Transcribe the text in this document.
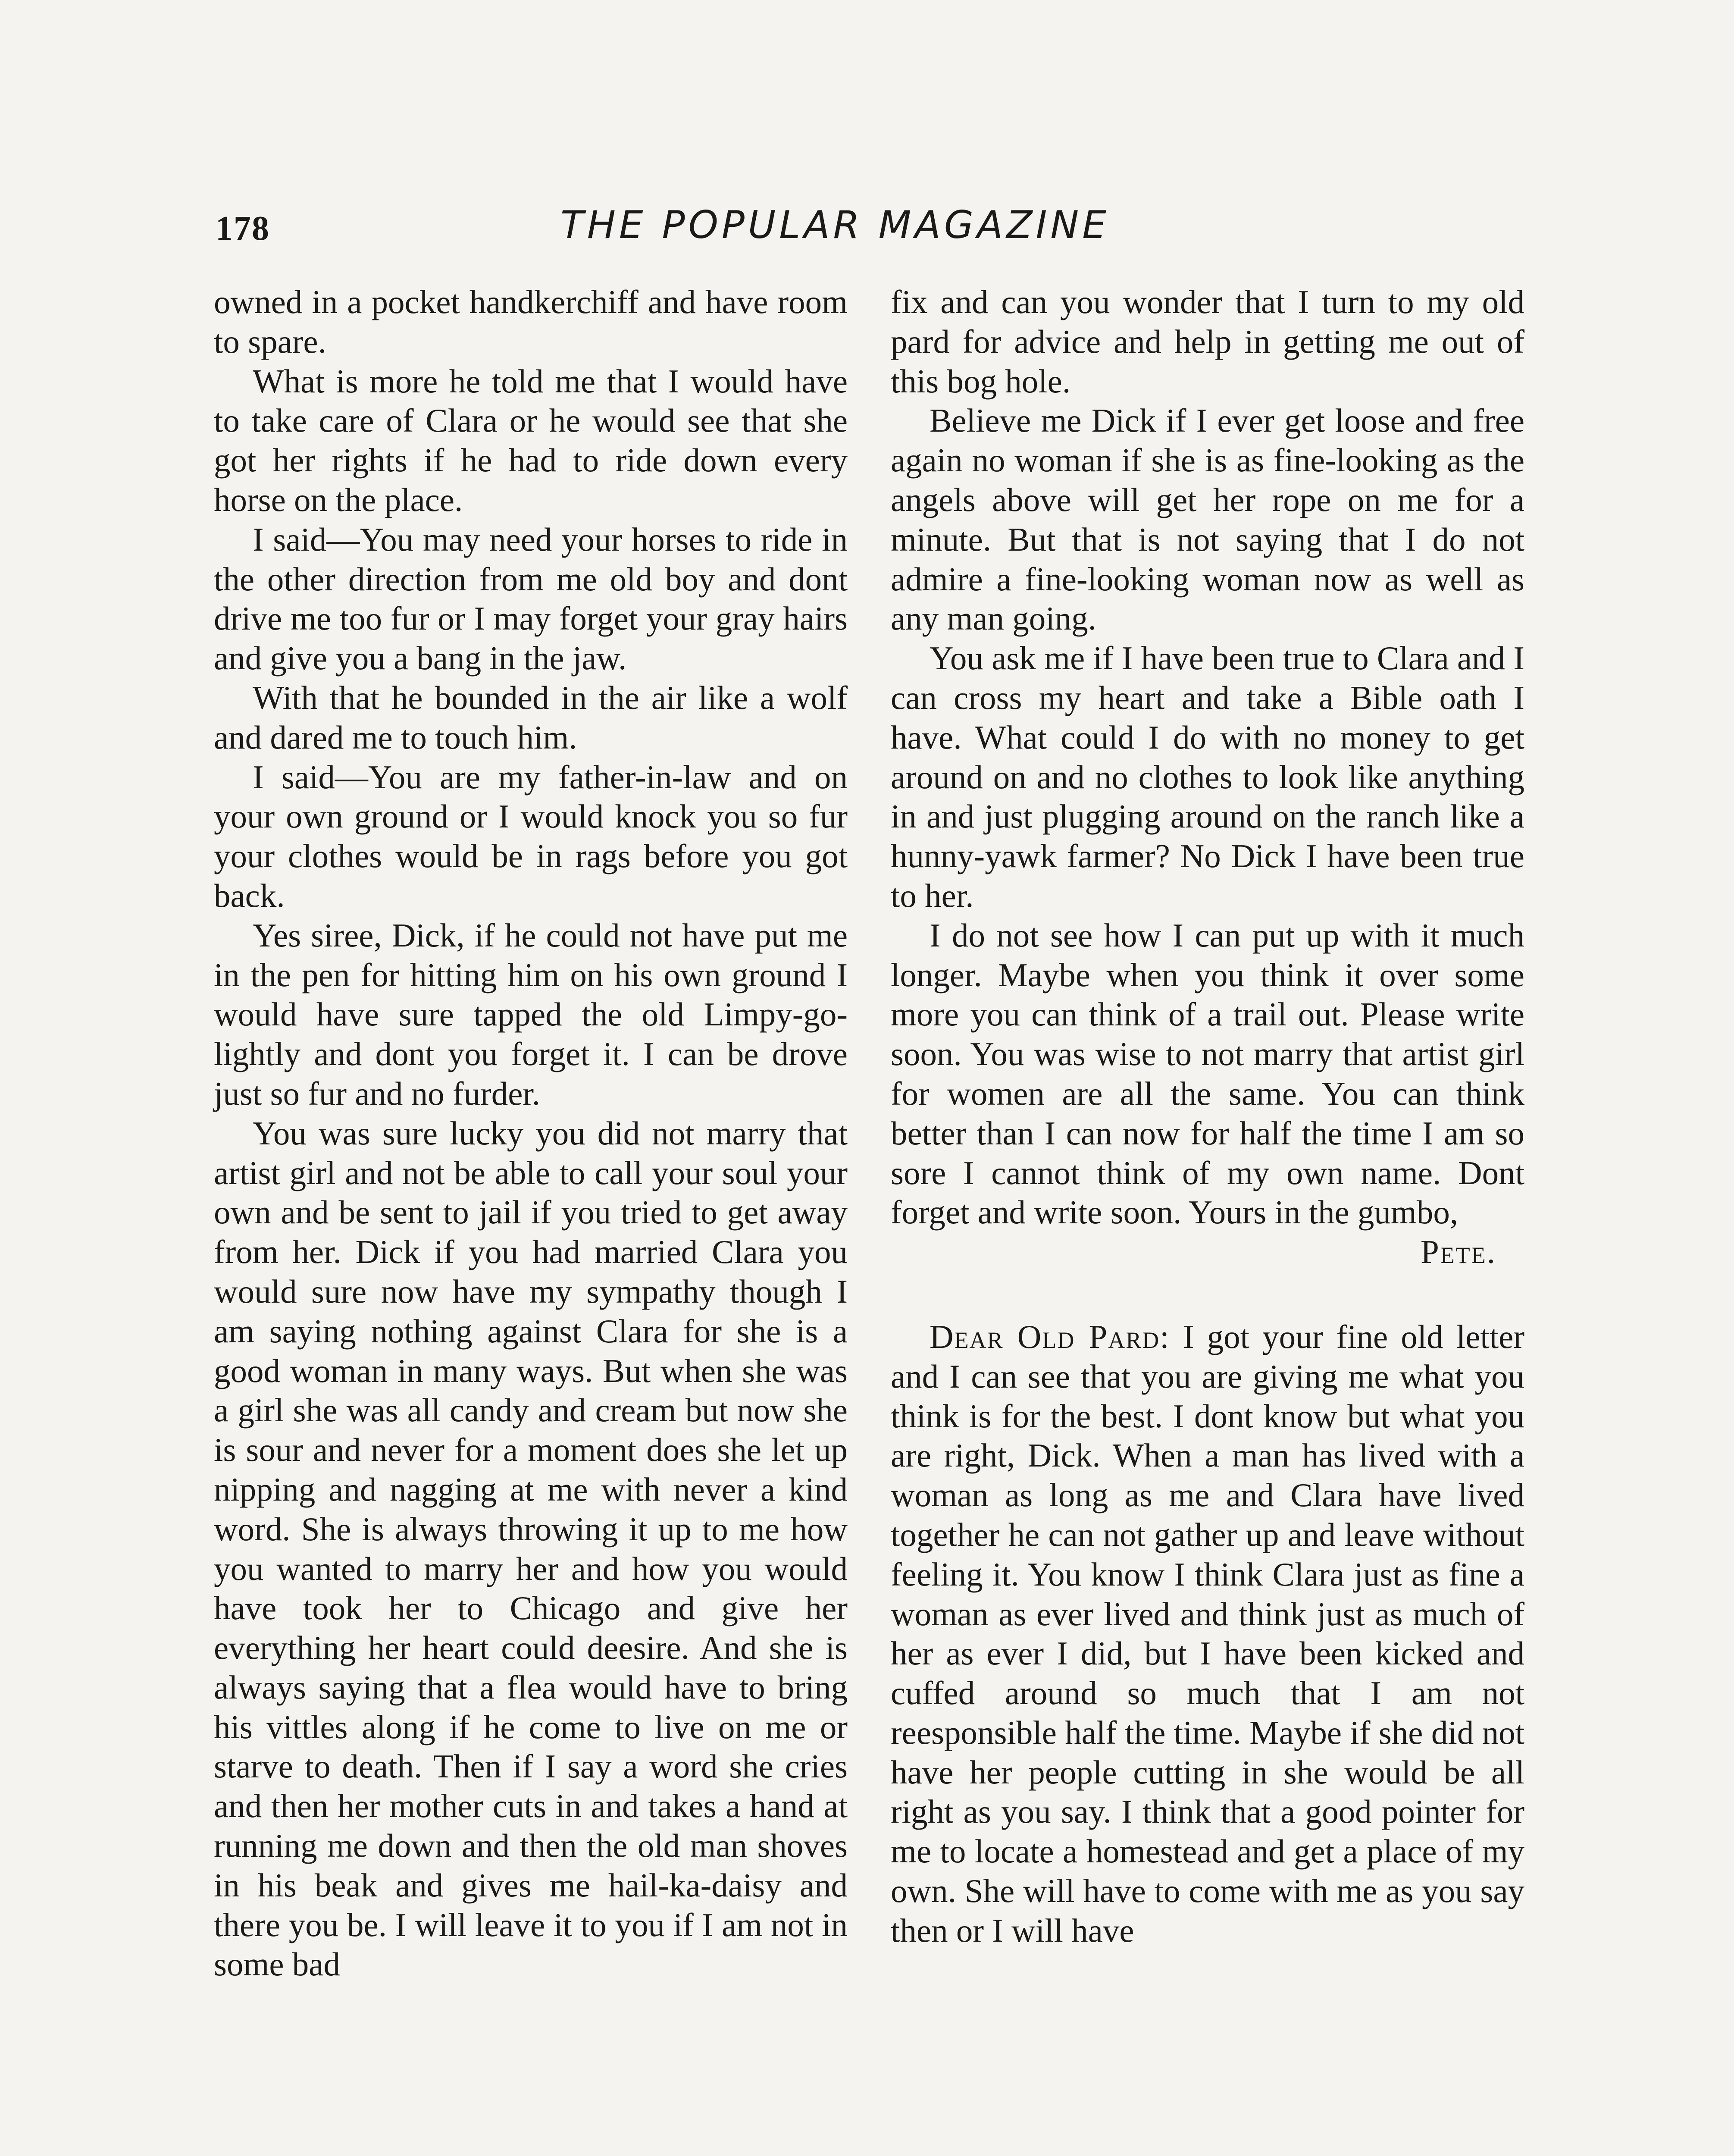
178	THE POPULAR MAGAZINE

owned in a pocket handkerchiff and have room to spare.

What is more he told me that I would have to take care of Clara or he would see that she got her rights if he had to ride down every horse on the place.

I said—You may need your horses to ride in the other direction from me old boy and dont drive me too fur or I may forget your gray hairs and give you a bang in the jaw.

With that he bounded in the air like a wolf and dared me to touch him.

I said—You are my father-in-law and on your own ground or I would knock you so fur your clothes would be in rags before you got back.

Yes siree, Dick, if he could not have put me in the pen for hitting him on his own ground I would have sure tapped the old Limpy-go-lightly and dont you forget it. I can be drove just so fur and no furder.

You was sure lucky you did not marry that artist girl and not be able to call your soul your own and be sent to jail if you tried to get away from her. Dick if you had married Clara you would sure now have my sympathy though I am saying nothing against Clara for she is a good woman in many ways. But when she was a girl she was all candy and cream but now she is sour and never for a moment does she let up nipping and nagging at me with never a kind word. She is always throwing it up to me how you wanted to marry her and how you would have took her to Chicago and give her everything her heart could deesire. And she is always saying that a flea would have to bring his vittles along if he come to live on me or starve to death. Then if I say a word she cries and then her mother cuts in and takes a hand at running me down and then the old man shoves in his beak and gives me hail-ka-daisy and there you be. I will leave it to you if I am not in some bad

fix and can you wonder that I turn to my old pard for advice and help in getting me out of this bog hole.

Believe me Dick if I ever get loose and free again no woman if she is as fine-looking as the angels above will get her rope on me for a minute. But that is not saying that I do not admire a fine-looking woman now as well as any man going.

You ask me if I have been true to Clara and I can cross my heart and take a Bible oath I have. What could I do with no money to get around on and no clothes to look like anything in and just plugging around on the ranch like a hunny-yawk farmer? No Dick I have been true to her.

I do not see how I can put up with it much longer. Maybe when you think it over some more you can think of a trail out. Please write soon. You was wise to not marry that artist girl for women are all the same. You can think better than I can now for half the time I am so sore I cannot think of my own name. Dont forget and write soon. Yours in the gumbo,

Pete.

Dear Old Pard: I got your fine old letter and I can see that you are giving me what you think is for the best. I dont know but what you are right, Dick. When a man has lived with a woman as long as me and Clara have lived together he can not gather up and leave without feeling it. You know I think Clara just as fine a woman as ever lived and think just as much of her as ever I did, but I have been kicked and cuffed around so much that I am not reesponsible half the time. Maybe if she did not have her people cutting in she would be all right as you say. I think that a good pointer for me to locate a homestead and get a place of my own. She will have to come with me as you say then or I will have
